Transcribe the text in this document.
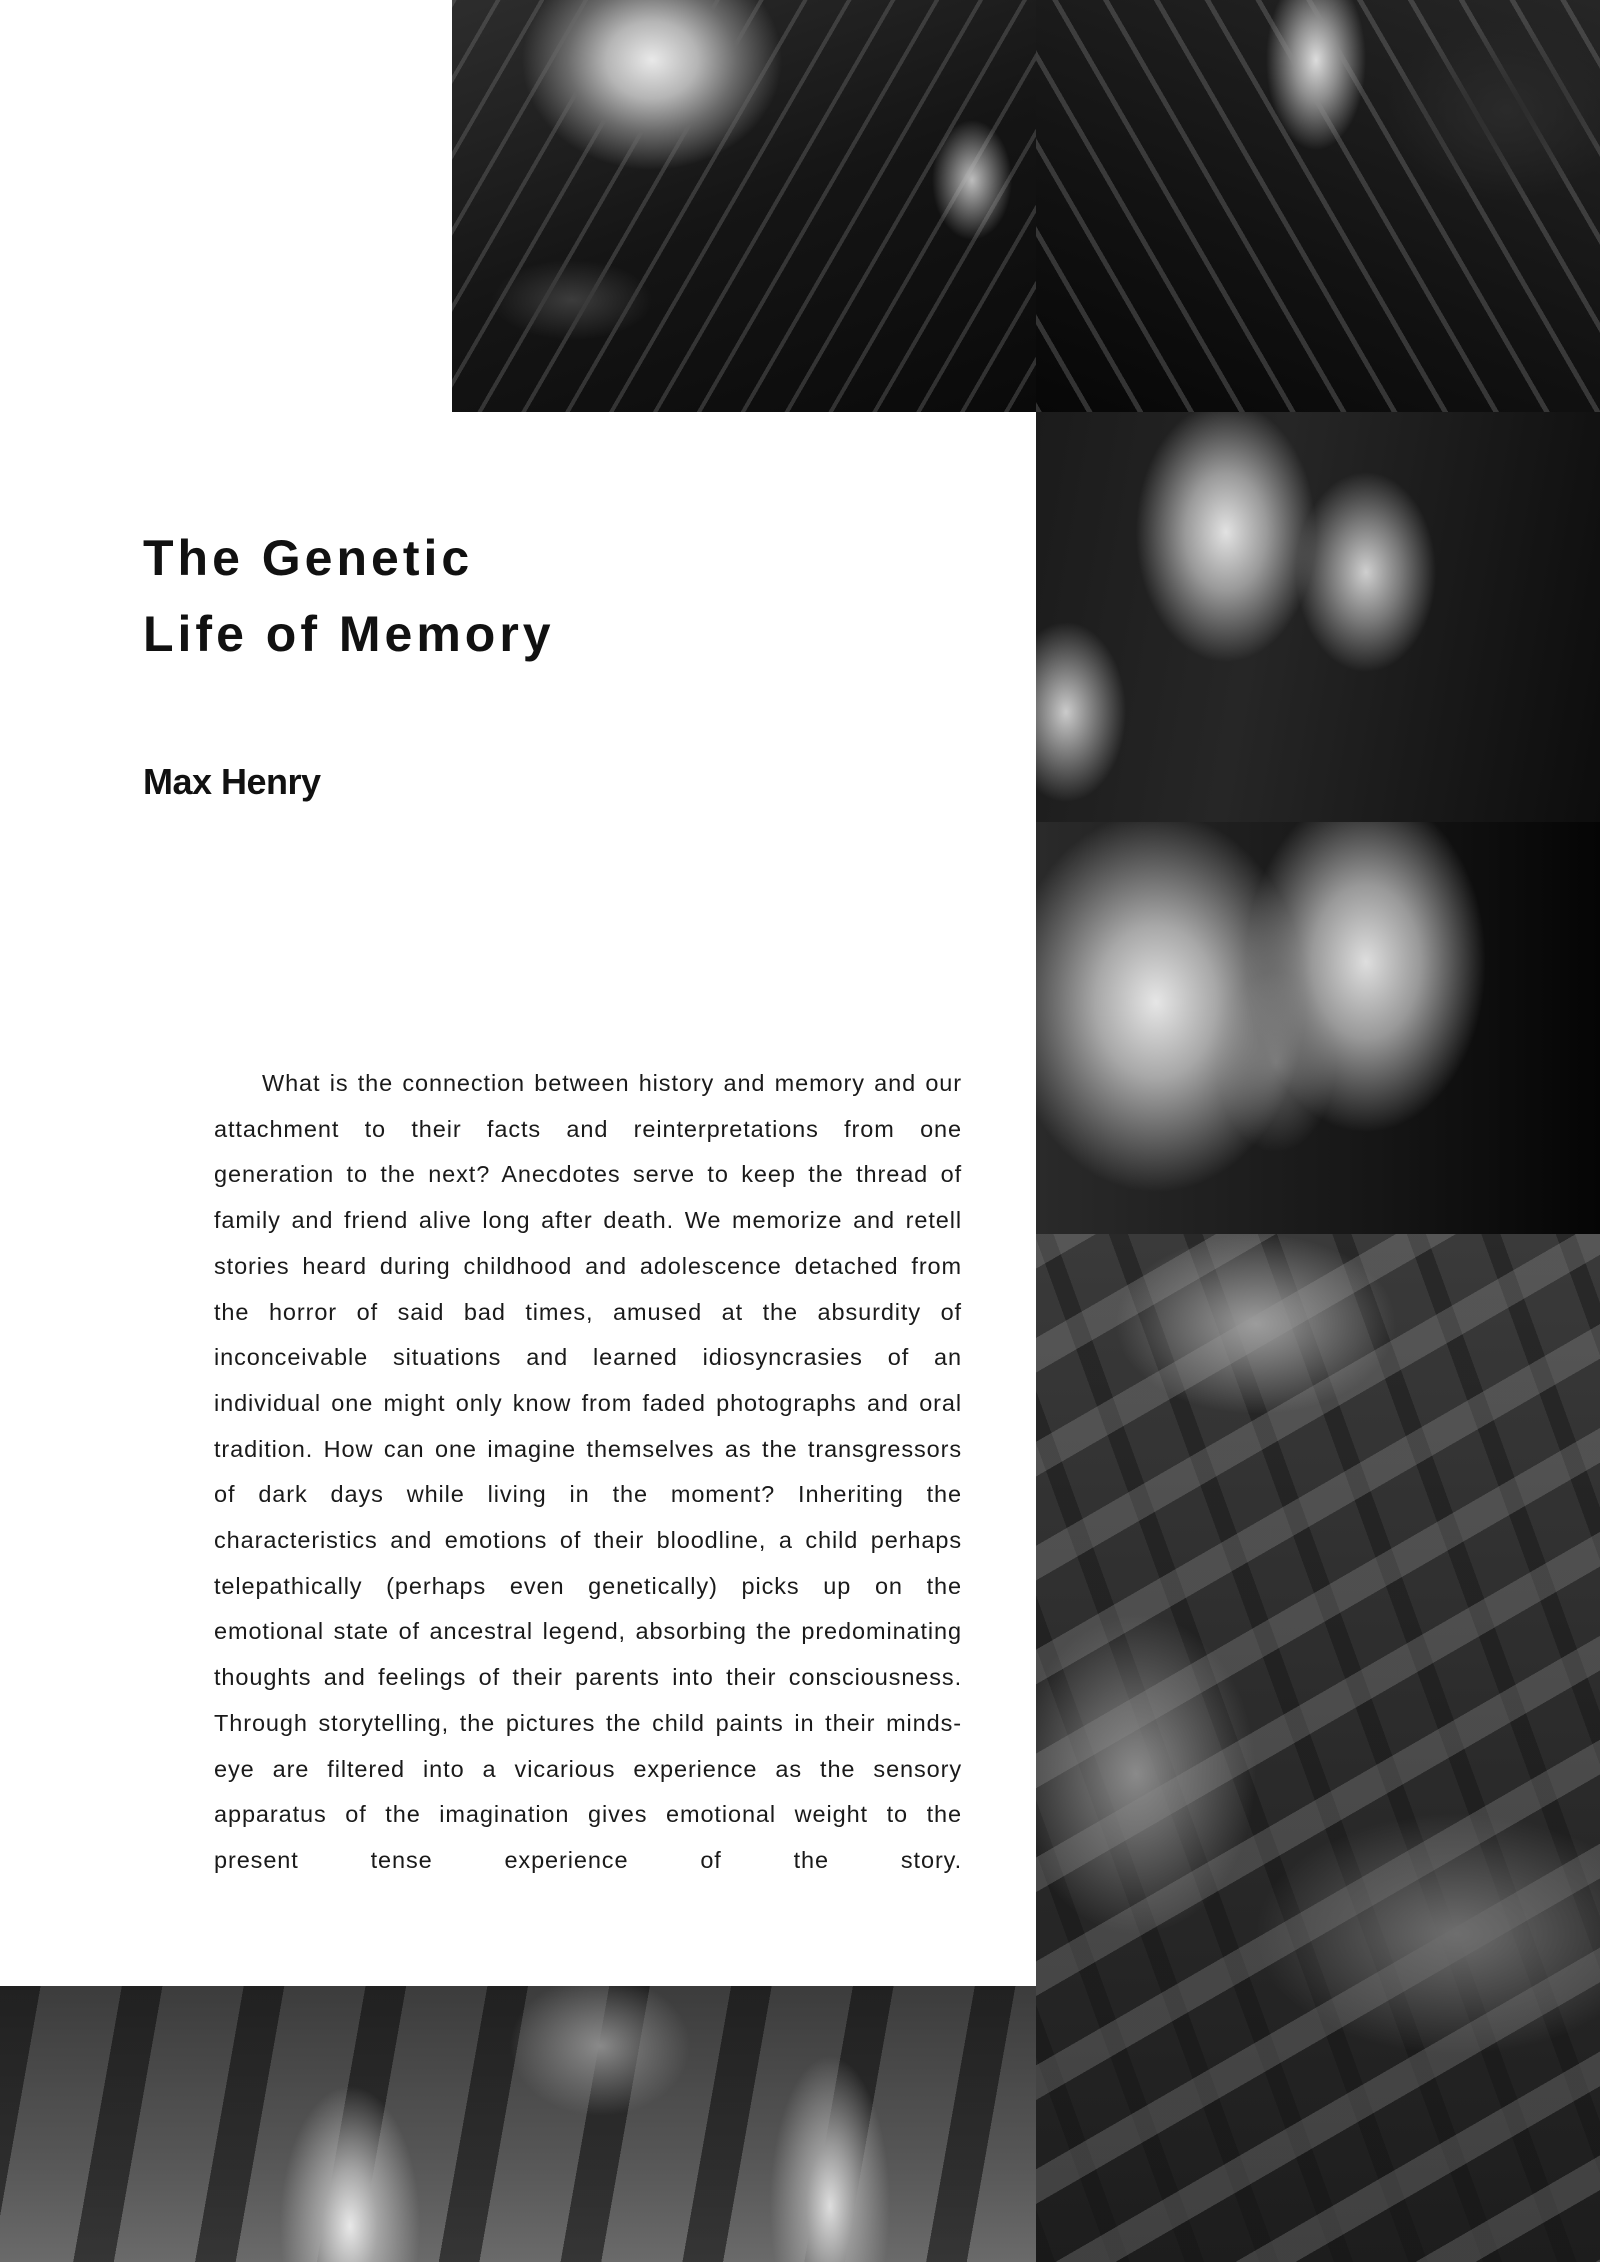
The Genetic
Life of Memory
Max Henry

What is the connection between history and memory and our attachment to their facts and reinterpretations from one generation to the next? Anecdotes serve to keep the thread of family and friend alive long after death. We memorize and retell stories heard during childhood and adolescence detached from the horror of said bad times, amused at the absurdity of inconceivable situations and learned idiosyncrasies of an individual one might only know from faded photographs and oral tradition. How can one imagine themselves as the transgressors of dark days while living in the moment? Inheriting the characteristics and emotions of their bloodline, a child perhaps telepathically (perhaps even genetically) picks up on the emotional state of ancestral legend, absorbing the predominating thoughts and feelings of their parents into their consciousness. Through storytelling, the pictures the child paints in their minds-eye are filtered into a vicarious experience as the sensory apparatus of the imagination gives emotional weight to the present tense experience of the story.
